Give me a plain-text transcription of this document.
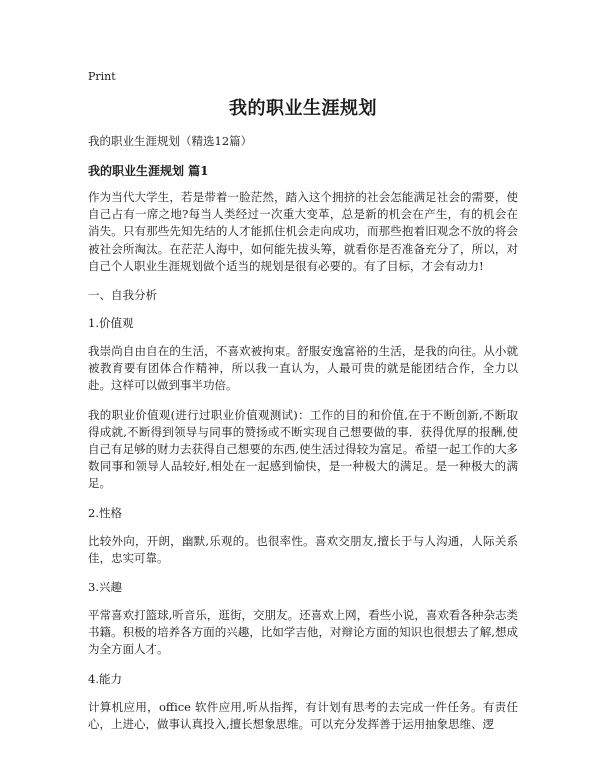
Print

我的职业生涯规划

我的职业生涯规划（精选12篇）

我的职业生涯规划 篇1

作为当代大学生，若是带着一脸茫然，踏入这个拥挤的社会怎能满足社会的需要，使自己占有一席之地?每当人类经过一次重大变革，总是新的机会在产生，有的机会在消失。只有那些先知先结的人才能抓住机会走向成功，而那些抱着旧观念不放的将会被社会所淘汰。在茫茫人海中，如何能先拔头筹，就看你是否准备充分了，所以，对自己个人职业生涯规划做个适当的规划是很有必要的。有了目标，才会有动力!

一、自我分析

1.价值观

我崇尚自由自在的生活，不喜欢被拘束。舒服安逸富裕的生活，是我的向往。从小就被教育要有团体合作精神，所以我一直认为，人最可贵的就是能团结合作，全力以赴。这样可以做到事半功倍。

我的职业价值观(进行过职业价值观测试)：工作的目的和价值,在于不断创新,不断取得成就,不断得到领导与同事的赞扬或不断实现自己想要做的事．获得优厚的报酬,使自己有足够的财力去获得自己想要的东西,使生活过得较为富足。希望一起工作的大多数同事和领导人品较好,相处在一起感到愉快，是一种极大的满足。是一种极大的满足。

2.性格

比较外向，开朗，幽默,乐观的。也很率性。喜欢交朋友,擅长于与人沟通，人际关系佳，忠实可靠。

3.兴趣

平常喜欢打篮球,听音乐，逛街，交朋友。还喜欢上网，看些小说，喜欢看各种杂志类书籍。积极的培养各方面的兴趣，比如学吉他，对辩论方面的知识也很想去了解,想成为全方面人才。

4.能力

计算机应用，office 软件应用,听从指挥，有计划有思考的去完成一件任务。有责任心，上进心，做事认真投入,擅长想象思维。可以充分发挥善于运用抽象思维、逻
